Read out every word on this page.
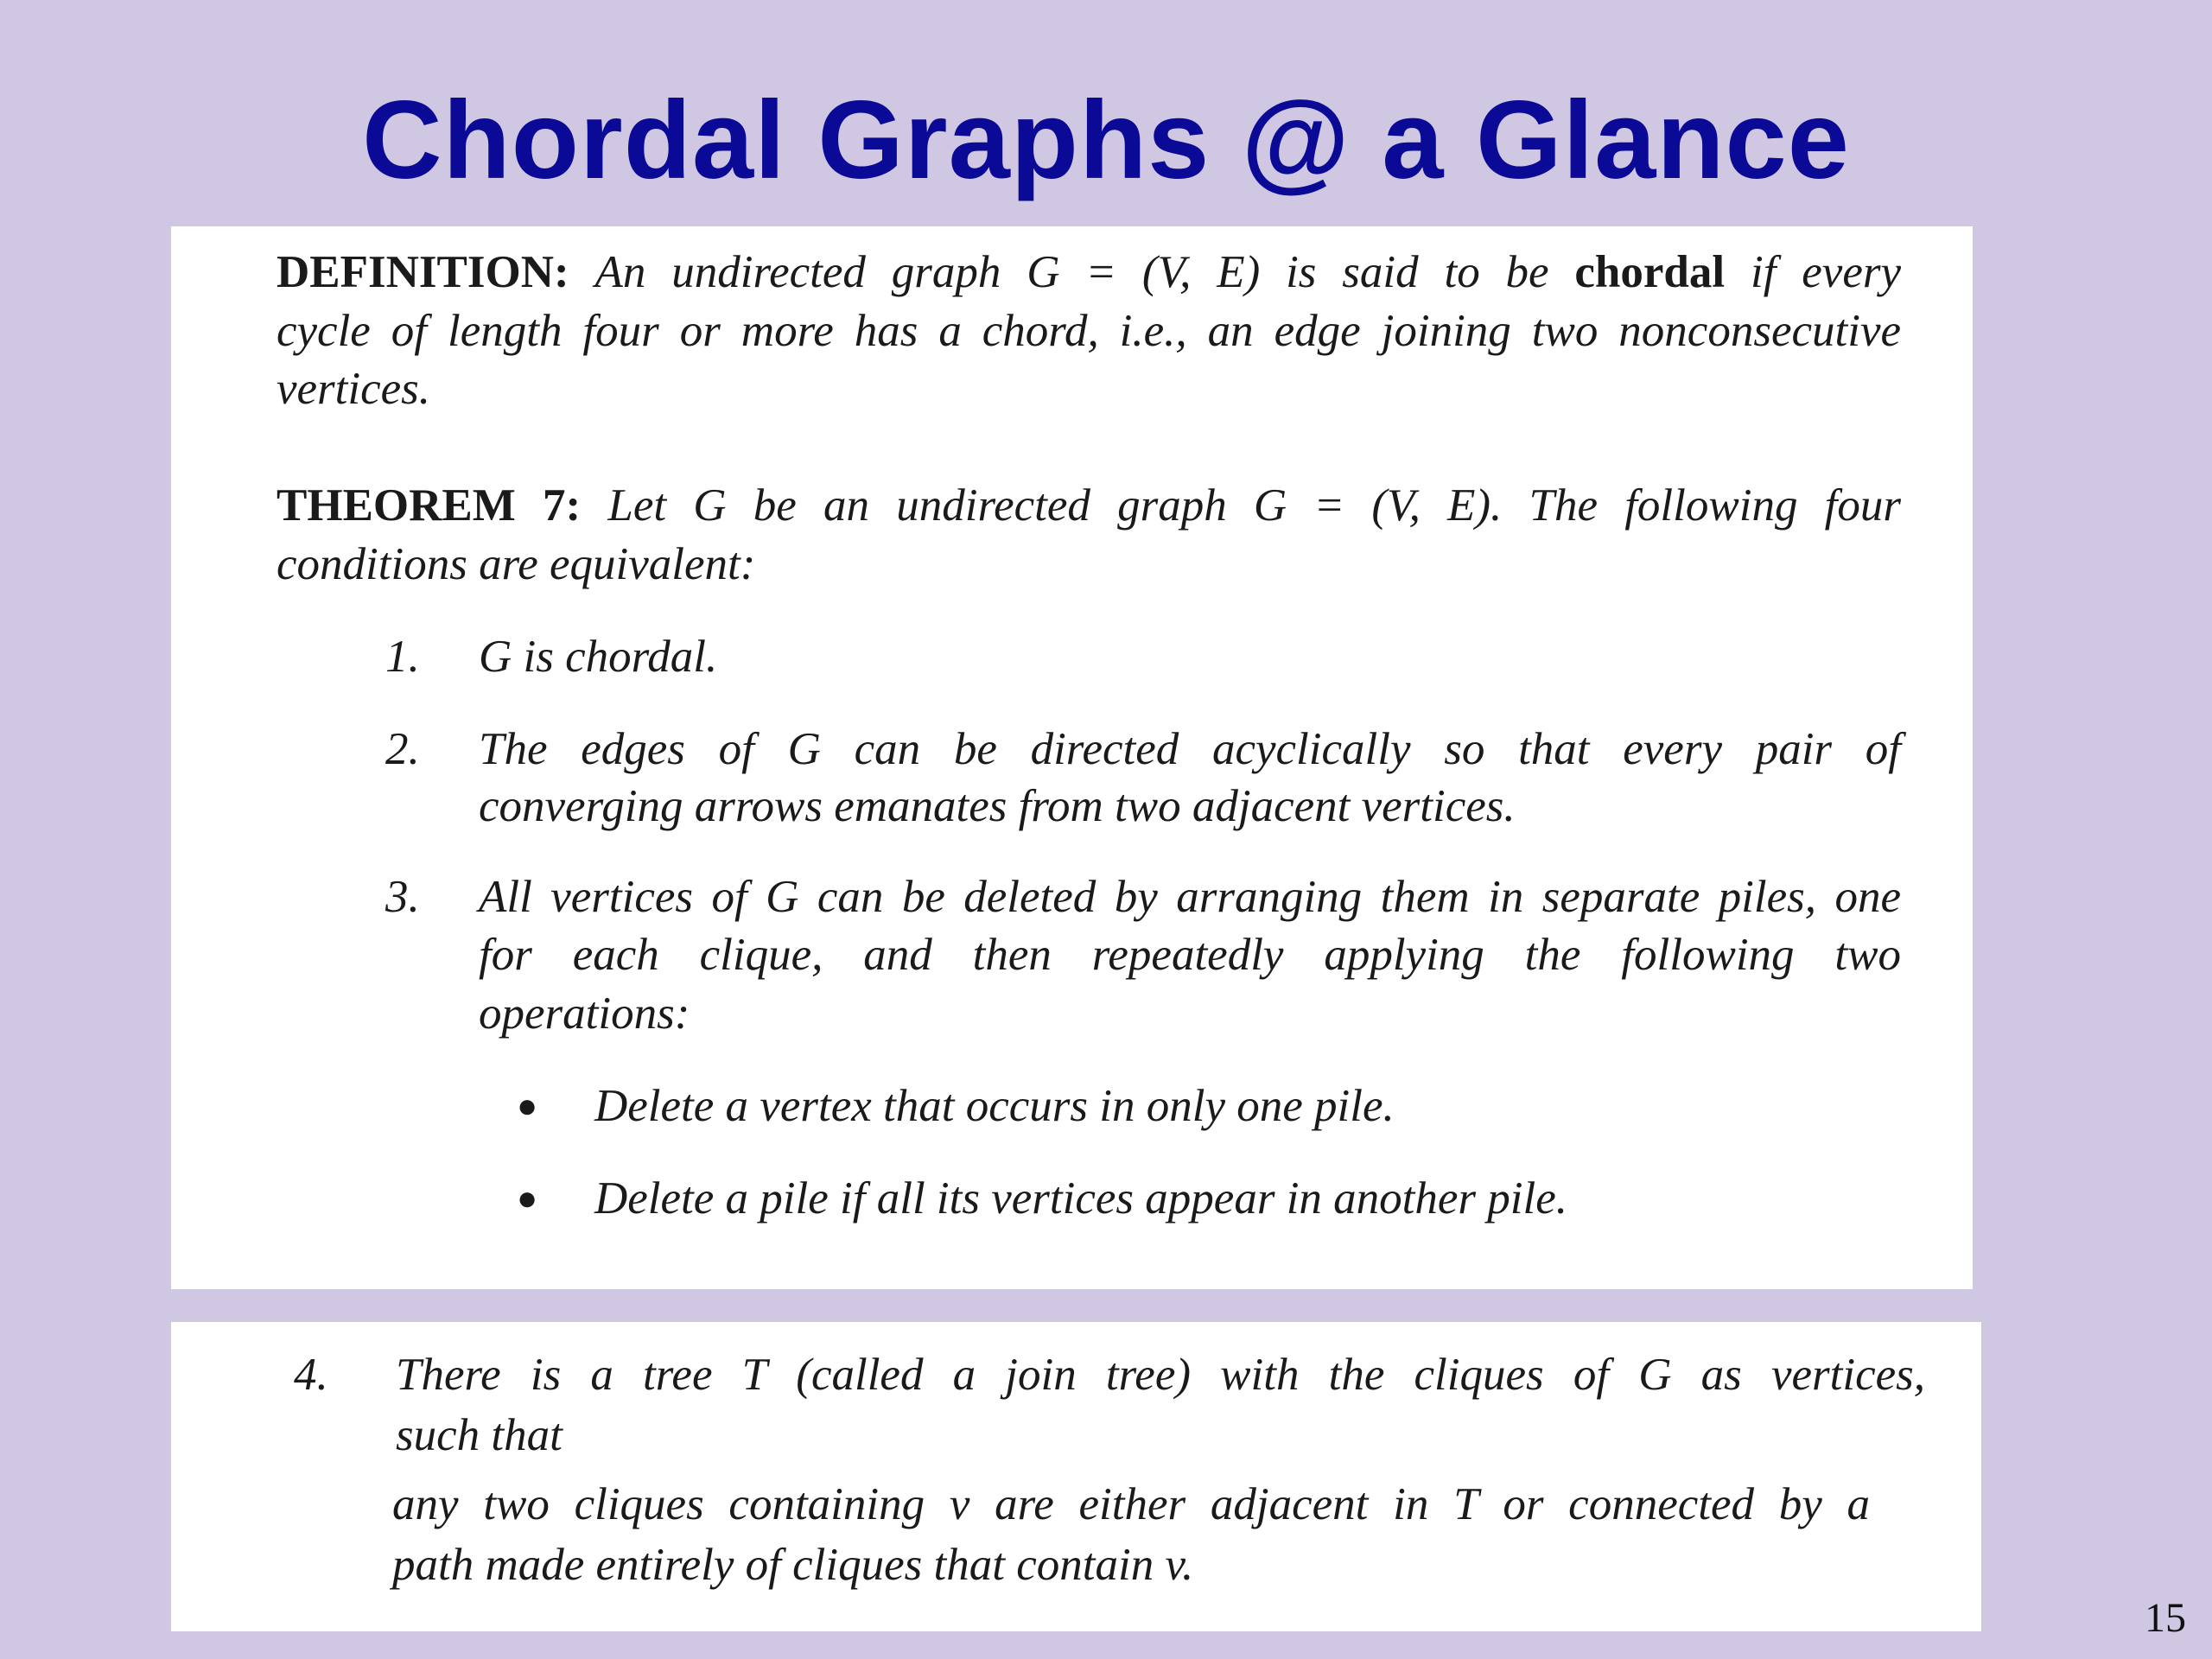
Chordal Graphs @ a Glance
DEFINITION: An undirected graph G = (V, E) is said to be chordal if every
cycle of length four or more has a chord, i.e., an edge joining two nonconsecutive
vertices.
THEOREM 7: Let G be an undirected graph G = (V, E). The following four
conditions are equivalent:
1. G is chordal.
2. The edges of G can be directed acyclically so that every pair of
converging arrows emanates from two adjacent vertices.
3. All vertices of G can be deleted by arranging them in separate piles, one
for each clique, and then repeatedly applying the following two
operations:
● Delete a vertex that occurs in only one pile.
● Delete a pile if all its vertices appear in another pile.
4. There is a tree T (called a join tree) with the cliques of G as vertices,
such that
any two cliques containing v are either adjacent in T or connected by a
path made entirely of cliques that contain v.
15
